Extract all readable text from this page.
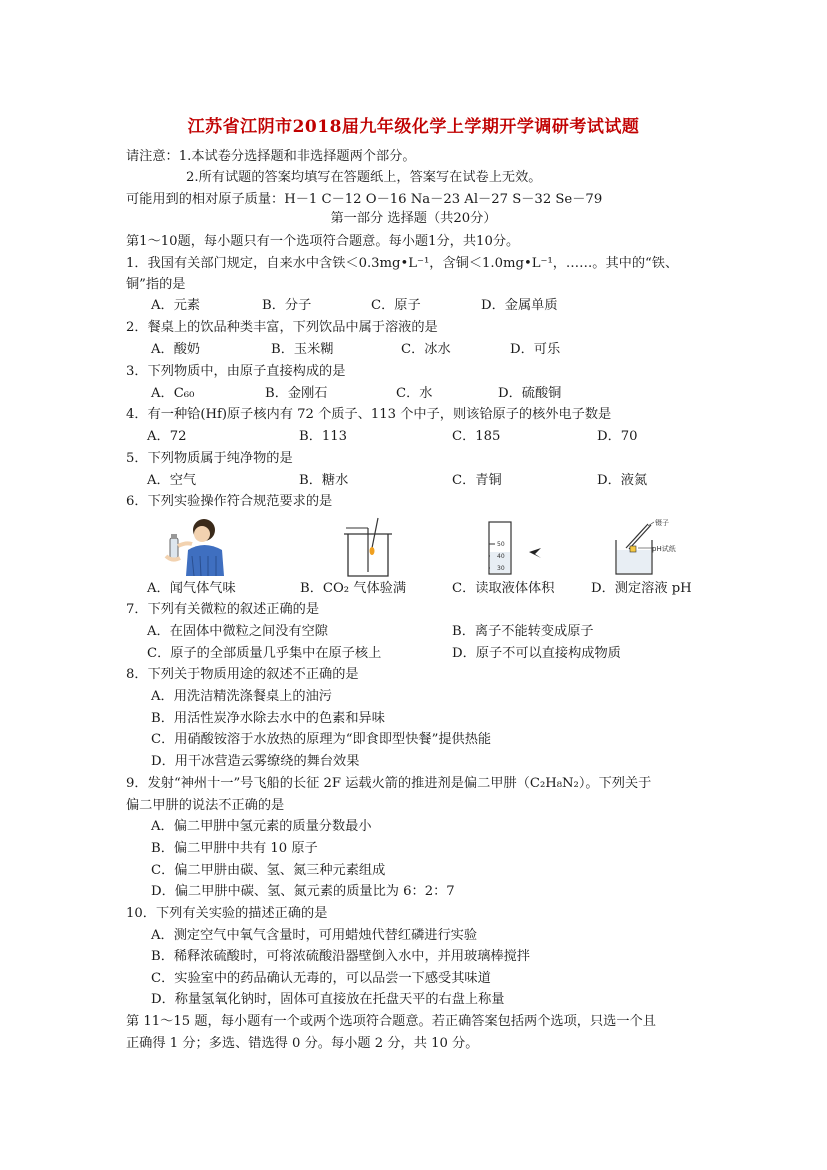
江苏省江阴市2018届九年级化学上学期开学调研考试试题
请注意：1.本试卷分选择题和非选择题两个部分。
2.所有试题的答案均填写在答题纸上，答案写在试卷上无效。
可能用到的相对原子质量：H－1 C－12 O－16 Na－23 Al－27 S－32 Se－79
第一部分 选择题（共20分）
第1～10题，每小题只有一个选项符合题意。每小题1分，共10分。
1．我国有关部门规定，自来水中含铁＜0.3mg•L⁻¹，含铜＜1.0mg•L⁻¹，……。其中的“铁、
铜”指的是
A．元素	B．分子	C．原子	D．金属单质
2．餐桌上的饮品种类丰富，下列饮品中属于溶液的是
A．酸奶	B．玉米糊	C．冰水	D．可乐
3．下列物质中，由原子直接构成的是
A．C₆₀	B．金刚石	C．水	D．硫酸铜
4．有一种铪(Hf)原子核内有 72 个质子、113 个中子，则该铪原子的核外电子数是
A．72	B．113	C．185	D．70
5．下列物质属于纯净物的是
A．空气	B．糖水	C．青铜	D．液氮
6．下列实验操作符合规范要求的是
50
40
30
镊子
pH试纸
A．闻气体气味	B．CO₂ 气体验满	C．读取液体体积	D．测定溶液 pH
7．下列有关微粒的叙述正确的是
A．在固体中微粒之间没有空隙	B．离子不能转变成原子
C．原子的全部质量几乎集中在原子核上	D．原子不可以直接构成物质
8．下列关于物质用途的叙述不正确的是
A．用洗洁精洗涤餐桌上的油污
B．用活性炭净水除去水中的色素和异味
C．用硝酸铵溶于水放热的原理为“即食即型快餐”提供热能
D．用干冰营造云雾缭绕的舞台效果
9．发射“神州十一”号飞船的长征 2F 运载火箭的推进剂是偏二甲肼（C₂H₈N₂）。下列关于
偏二甲肼的说法不正确的是
A．偏二甲肼中氢元素的质量分数最小
B．偏二甲肼中共有 10 原子
C．偏二甲肼由碳、氢、氮三种元素组成
D．偏二甲肼中碳、氢、氮元素的质量比为 6：2：7
10．下列有关实验的描述正确的是
A．测定空气中氧气含量时，可用蜡烛代替红磷进行实验
B．稀释浓硫酸时，可将浓硫酸沿器壁倒入水中，并用玻璃棒搅拌
C．实验室中的药品确认无毒的，可以品尝一下感受其味道
D．称量氢氧化钠时，固体可直接放在托盘天平的右盘上称量
第 11～15 题，每小题有一个或两个选项符合题意。若正确答案包括两个选项，只选一个且
正确得 1 分；多选、错选得 0 分。每小题 2 分，共 10 分。
